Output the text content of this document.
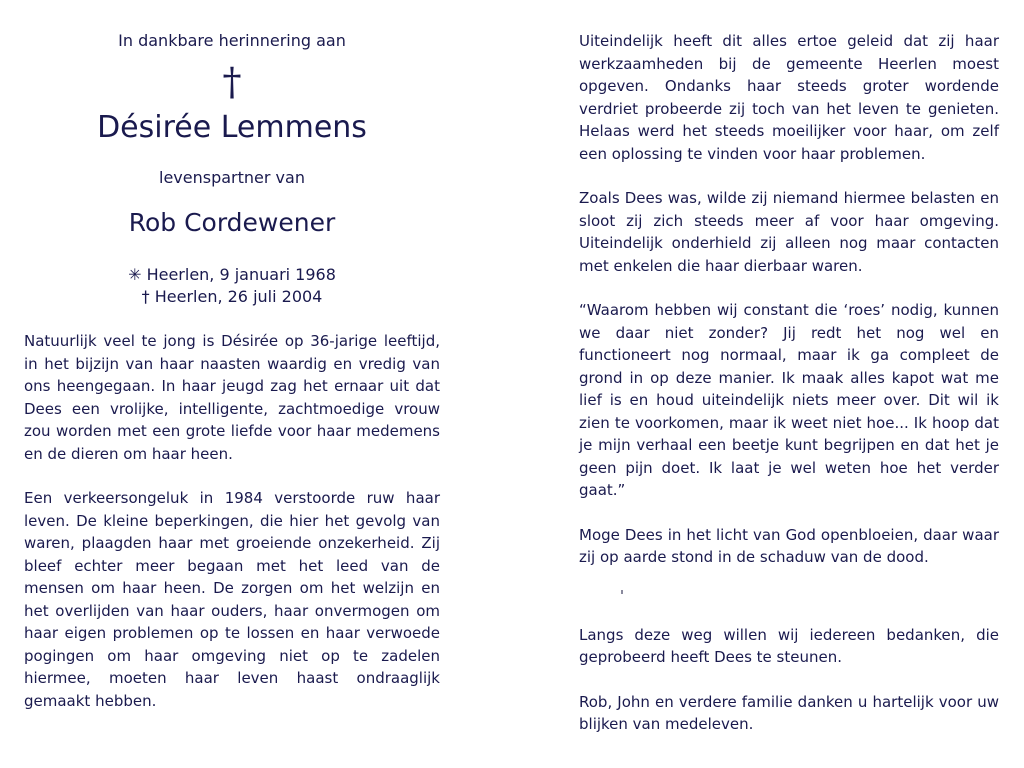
In dankbare herinnering aan

†
Désirée Lemmens
levenspartner van
Rob Cordewener
✳ Heerlen, 9 januari 1968
† Heerlen, 26 juli 2004

Natuurlijk veel te jong is Désirée op 36-jarige leeftijd, in het bijzijn van haar naasten waardig en vredig van ons heengegaan. In haar jeugd zag het ernaar uit dat Dees een vrolijke, intelligente, zachtmoedige vrouw zou worden met een grote liefde voor haar medemens en de dieren om haar heen.

Een verkeersongeluk in 1984 verstoorde ruw haar leven. De kleine beperkingen, die hier het gevolg van waren, plaagden haar met groeiende onzekerheid. Zij bleef echter meer begaan met het leed van de mensen om haar heen. De zorgen om het welzijn en het overlijden van haar ouders, haar onvermogen om haar eigen problemen op te lossen en haar verwoede pogingen om haar omgeving niet op te zadelen hiermee, moeten haar leven haast ondraaglijk gemaakt hebben.

Uiteindelijk heeft dit alles ertoe geleid dat zij haar werkzaamheden bij de gemeente Heerlen moest opgeven. Ondanks haar steeds groter wordende verdriet probeerde zij toch van het leven te genieten. Helaas werd het steeds moeilijker voor haar, om zelf een oplossing te vinden voor haar problemen.

Zoals Dees was, wilde zij niemand hiermee belasten en sloot zij zich steeds meer af voor haar omgeving. Uiteindelijk onderhield zij alleen nog maar contacten met enkelen die haar dierbaar waren.

“Waarom hebben wij constant die ‘roes’ nodig, kunnen we daar niet zonder? Jij redt het nog wel en functioneert nog normaal, maar ik ga compleet de grond in op deze manier. Ik maak alles kapot wat me lief is en houd uiteindelijk niets meer over. Dit wil ik zien te voorkomen, maar ik weet niet hoe... Ik hoop dat je mijn verhaal een beetje kunt begrijpen en dat het je geen pijn doet. Ik laat je wel weten hoe het verder gaat.”

Moge Dees in het licht van God openbloeien, daar waar zij op aarde stond in de schaduw van de dood.

Langs deze weg willen wij iedereen bedanken, die geprobeerd heeft Dees te steunen.

Rob, John en verdere familie danken u hartelijk voor uw blijken van medeleven.
